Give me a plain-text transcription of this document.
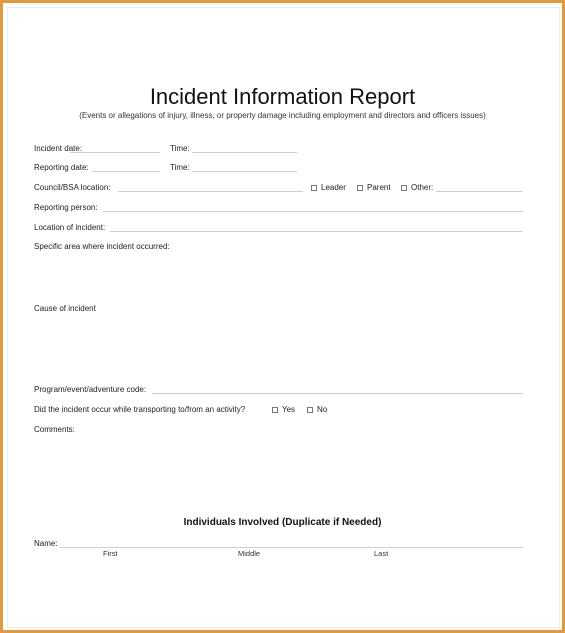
Incident Information Report
(Events or allegations of injury, illness, or property damage including employment and directors and officers issues)
Incident date:	Time:
Reporting date:	Time:
Council/BSA location:	Leader	Parent	Other:
Reporting person:
Location of incident:
Specific area where incident occurred:
Cause of incident
Program/event/adventure code:
Did the incident occur while transporting to/from an activity?	Yes	No
Comments:
Individuals Involved (Duplicate if Needed)
Name:
First	Middle	Last
